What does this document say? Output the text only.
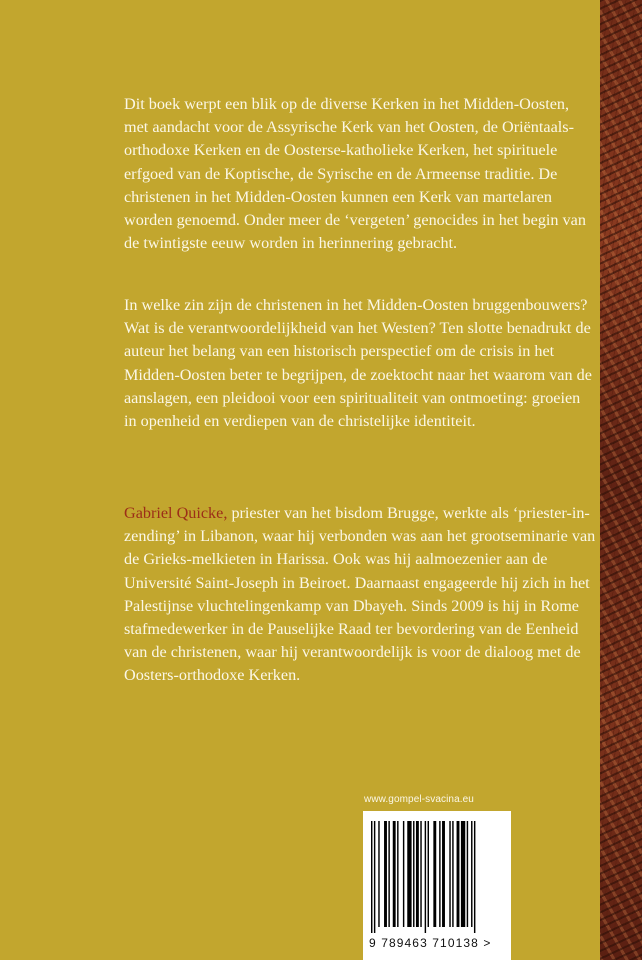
Dit boek werpt een blik op de diverse Kerken in het Midden-Oosten, met aandacht voor de Assyrische Kerk van het Oosten, de Oriëntaals-orthodoxe Kerken en de Oosterse-katholieke Kerken, het spirituele erfgoed van de Koptische, de Syrische en de Armeense traditie. De christenen in het Midden-Oosten kunnen een Kerk van martelaren worden genoemd. Onder meer de ‘vergeten’ genocides in het begin van de twintigste eeuw worden in herinnering gebracht.

In welke zin zijn de christenen in het Midden-Oosten bruggenbouwers? Wat is de verantwoordelijkheid van het Westen? Ten slotte benadrukt de auteur het belang van een historisch perspectief om de crisis in het Midden-Oosten beter te begrijpen, de zoektocht naar het waarom van de aanslagen, een pleidooi voor een spiritualiteit van ontmoeting: groeien in openheid en verdiepen van de christelijke identiteit.

Gabriel Quicke, priester van het bisdom Brugge, werkte als ‘priester-in-zending’ in Libanon, waar hij verbonden was aan het grootseminarie van de Grieks-melkieten in Harissa. Ook was hij aalmoezenier aan de Université Saint-Joseph in Beiroet. Daarnaast engageerde hij zich in het Palestijnse vluchtelingenkamp van Dbayeh. Sinds 2009 is hij in Rome stafmedewerker in de Pauselijke Raad ter bevordering van de Eenheid van de christenen, waar hij verantwoordelijk is voor de dialoog met de Oosters-orthodoxe Kerken.

www.gompel-svacina.eu
9 789463 710138 >
